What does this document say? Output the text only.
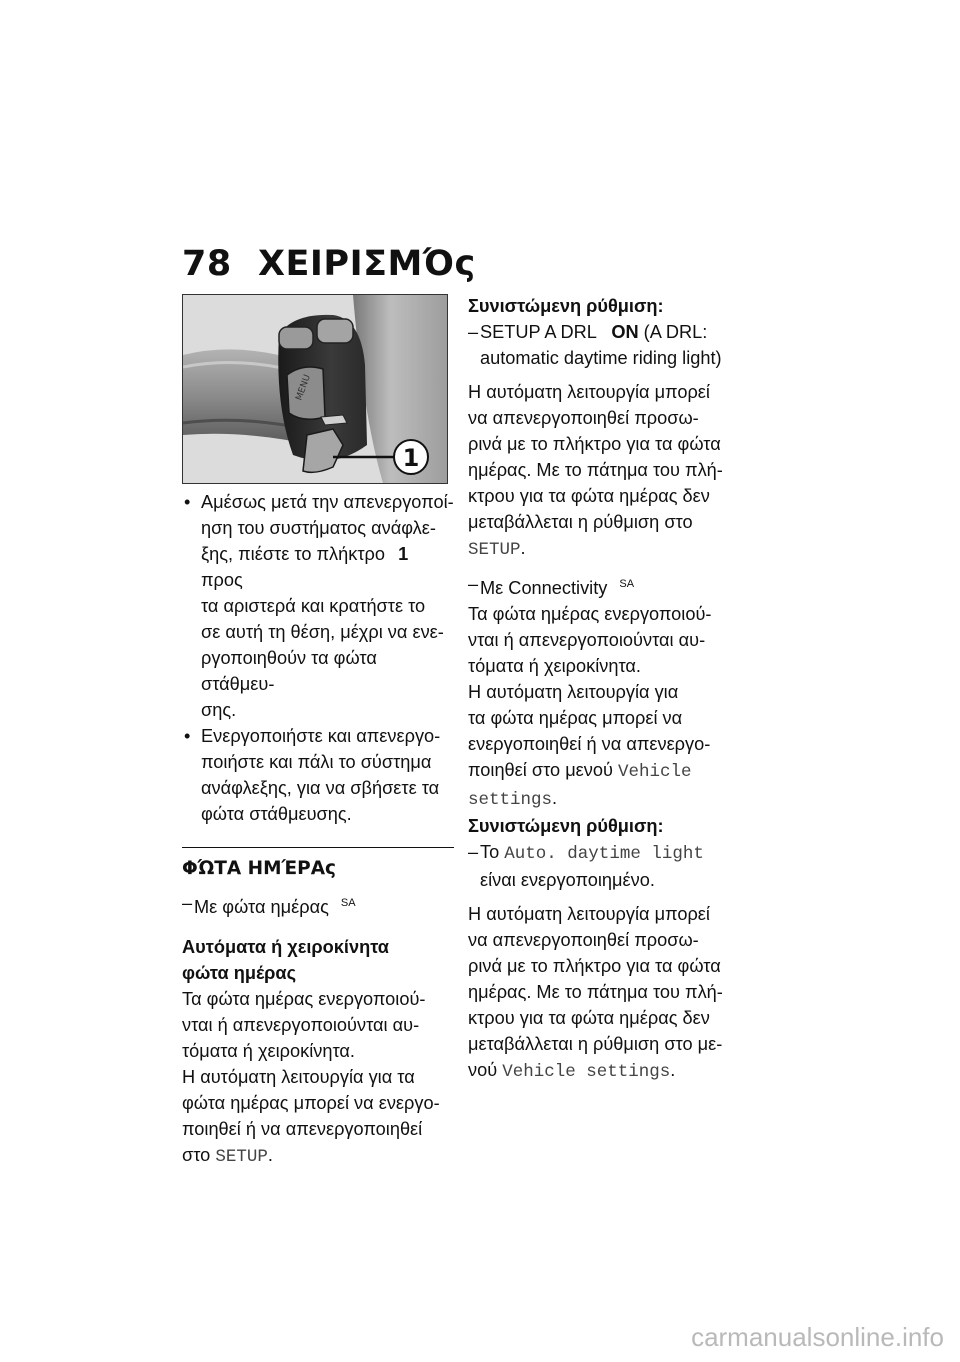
78 ΧΕΙΡΙΣΜΌς
MENU
1
• Αμέσως μετά την απενεργοποί-
ηση του συστήματος ανάφλε-
ξης, πιέστε το πλήκτρο 1 προς
τα αριστερά και κρατήστε το
σε αυτή τη θέση, μέχρι να ενε-
ργοποιηθούν τα φώτα στάθμευ-
σης.
• Ενεργοποιήστε και απενεργο-
ποιήστε και πάλι το σύστημα
ανάφλεξης, για να σβήσετε τα
φώτα στάθμευσης.
ΦΏΤΑ ΗΜΈΡΑς
– Με φώτα ημέρας $^{SA}$
Αυτόματα ή χειροκίνητα
φώτα ημέρας
Τα φώτα ημέρας ενεργοποιού-
νται ή απενεργοποιούνται αυ-
τόματα ή χειροκίνητα.
Η αυτόματη λειτουργία για τα
φώτα ημέρας μπορεί να ενεργο-
ποιηθεί ή να απενεργοποιηθεί
στο SETUP.
Συνιστώμενη ρύθμιση:
– SETUP A DRL ON (A DRL:
automatic daytime riding light)
Η αυτόματη λειτουργία μπορεί
να απενεργοποιηθεί προσω-
ρινά με το πλήκτρο για τα φώτα
ημέρας. Με το πάτημα του πλή-
κτρου για τα φώτα ημέρας δεν
μεταβάλλεται η ρύθμιση στο
SETUP.
– Με Connectivity $^{SA}$
Τα φώτα ημέρας ενεργοποιού-
νται ή απενεργοποιούνται αυ-
τόματα ή χειροκίνητα.
Η αυτόματη λειτουργία για
τα φώτα ημέρας μπορεί να
ενεργοποιηθεί ή να απενεργο-
ποιηθεί στο μενού Vehicle
settings.
Συνιστώμενη ρύθμιση:
– Το Auto. daytime light
είναι ενεργοποιημένο.
Η αυτόματη λειτουργία μπορεί
να απενεργοποιηθεί προσω-
ρινά με το πλήκτρο για τα φώτα
ημέρας. Με το πάτημα του πλή-
κτρου για τα φώτα ημέρας δεν
μεταβάλλεται η ρύθμιση στο με-
νού Vehicle settings.
carmanualsonline.info
